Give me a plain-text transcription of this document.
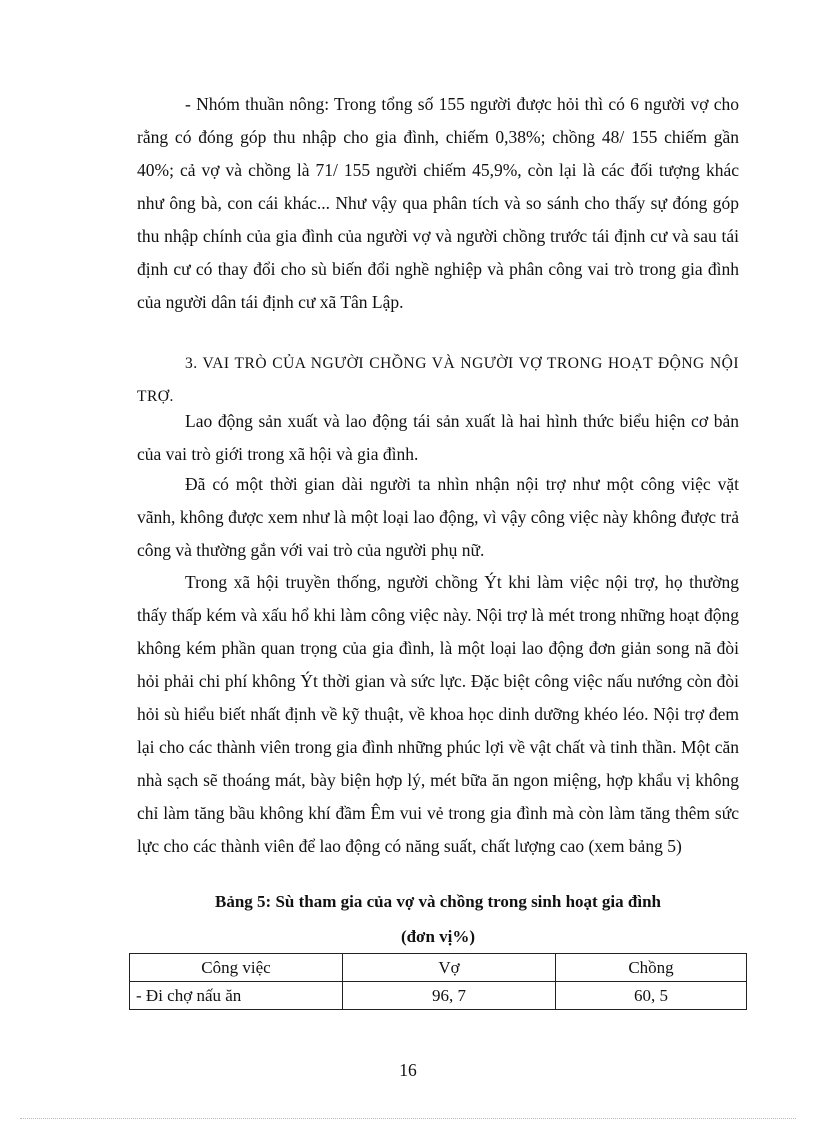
- Nhóm thuần nông: Trong tổng số 155 người được hỏi thì có 6 người vợ cho rằng có đóng góp thu nhập cho gia đình, chiếm 0,38%; chồng 48/ 155 chiếm gần 40%; cả vợ và chồng là 71/ 155 người chiếm 45,9%, còn lại là các đối tượng khác như ông bà, con cái khác... Như vậy qua phân tích và so sánh cho thấy sự đóng góp thu nhập chính của gia đình của người vợ và người chồng trước tái định cư và sau tái định cư có thay đổi cho sù biến đổi nghề nghiệp và phân công vai trò trong gia đình của người dân tái định cư xã Tân Lập.

3. VAI TRÒ CỦA NGƯỜI CHỒNG VÀ NGƯỜI VỢ TRONG HOẠT ĐỘNG NỘI TRỢ.

Lao động sản xuất và lao động tái sản xuất là hai hình thức biểu hiện cơ bản của vai trò giới trong xã hội và gia đình.

Đã có một thời gian dài người ta nhìn nhận nội trợ như một công việc vặt vãnh, không được xem như là một loại lao động, vì vậy công việc này không được trả công và thường gắn với vai trò của người phụ nữ.

Trong xã hội truyền thống, người chồng Ýt khi làm việc nội trợ, họ thường thấy thấp kém và xấu hổ khi làm công việc này. Nội trợ là mét trong những hoạt động không kém phần quan trọng của gia đình, là một loại lao động đơn giản song nã đòi hỏi phải chi phí không Ýt thời gian và sức lực. Đặc biệt công việc nấu nướng còn đòi hỏi sù hiểu biết nhất định về kỹ thuật, về khoa học dinh dưỡng khéo léo. Nội trợ đem lại cho các thành viên trong gia đình những phúc lợi về vật chất và tinh thần. Một căn nhà sạch sẽ thoáng mát, bày biện hợp lý, mét bữa ăn ngon miệng, hợp khẩu vị không chỉ làm tăng bầu không khí đầm Êm vui vẻ trong gia đình mà còn làm tăng thêm sức lực cho các thành viên để lao động có năng suất, chất lượng cao (xem bảng 5)

Bảng 5: Sù tham gia của vợ và chồng trong sinh hoạt gia đình

(đơn vị%)

Công việc	Vợ	Chồng
- Đi chợ nấu ăn	96, 7	60, 5
16
